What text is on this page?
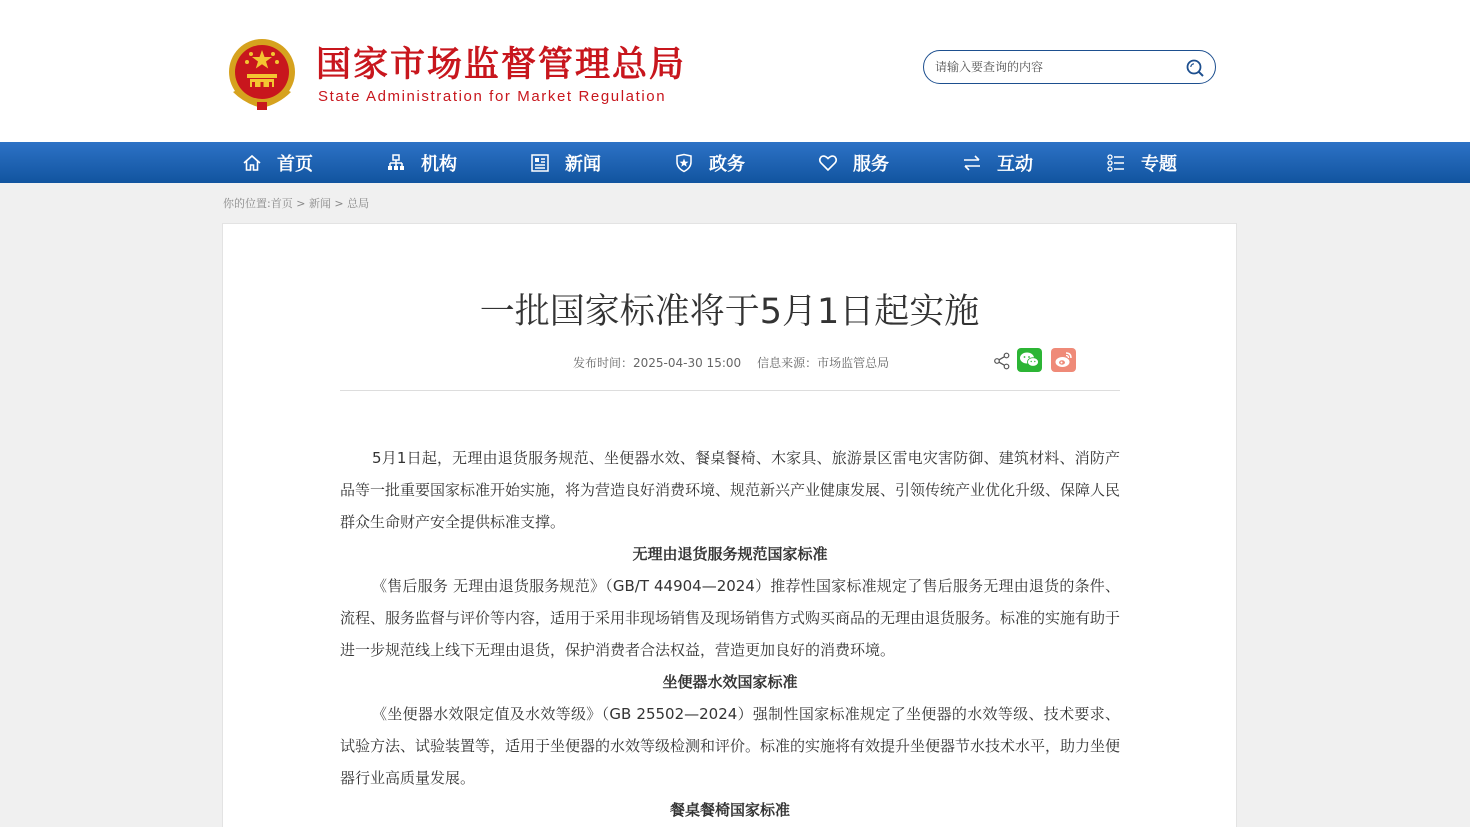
国家市场监督管理总局
State Administration for Market Regulation
请输入要查询的内容
首页	机构	新闻	政务	服务	互动	专题
你的位置:首页 > 新闻 > 总局
一批国家标准将于5月1日起实施
发布时间：2025-04-30 15:00 信息来源：市场监管总局

5月1日起，无理由退货服务规范、坐便器水效、餐桌餐椅、木家具、旅游景区雷电灾害防御、建筑材料、消防产品等一批重要国家标准开始实施，将为营造良好消费环境、规范新兴产业健康发展、引领传统产业优化升级、保障人民群众生命财产安全提供标准支撑。

无理由退货服务规范国家标准

《售后服务 无理由退货服务规范》（GB/T 44904—2024）推荐性国家标准规定了售后服务无理由退货的条件、流程、服务监督与评价等内容，适用于采用非现场销售及现场销售方式购买商品的无理由退货服务。标准的实施有助于进一步规范线上线下无理由退货，保护消费者合法权益，营造更加良好的消费环境。

坐便器水效国家标准

《坐便器水效限定值及水效等级》（GB 25502—2024）强制性国家标准规定了坐便器的水效等级、技术要求、试验方法、试验装置等，适用于坐便器的水效等级检测和评价。标准的实施将有效提升坐便器节水技术水平，助力坐便器行业高质量发展。

餐桌餐椅国家标准
